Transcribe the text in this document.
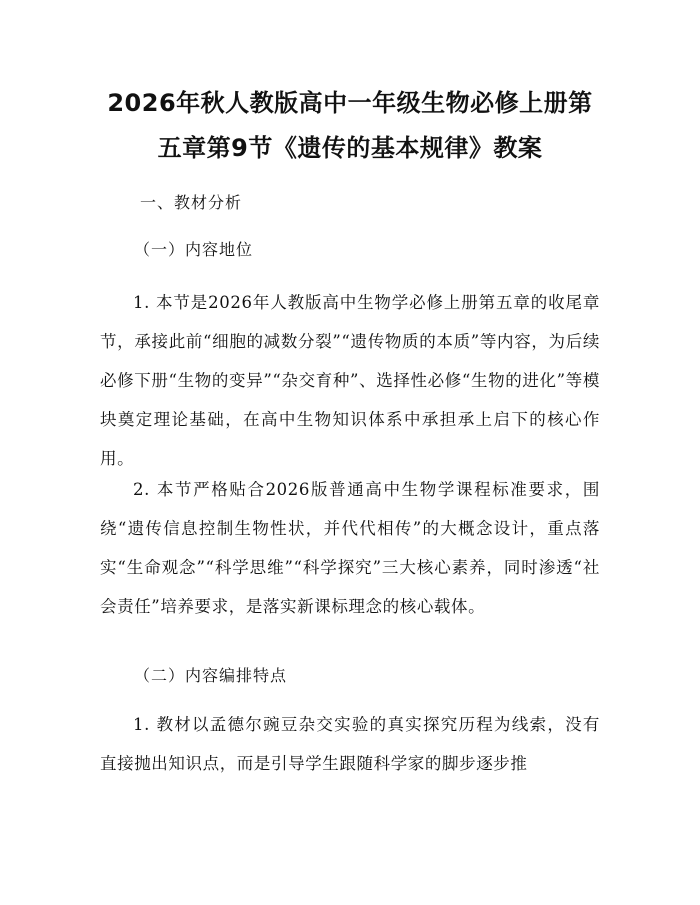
2026年秋人教版高中一年级生物必修上册第
五章第9节《遗传的基本规律》教案
一、教材分析
（一）内容地位
1. 本节是2026年人教版高中生物学必修上册第五章的收尾章节，承接此前“细胞的减数分裂”“遗传物质的本质”等内容，为后续必修下册“生物的变异”“杂交育种”、选择性必修“生物的进化”等模块奠定理论基础，在高中生物知识体系中承担承上启下的核心作用。
2. 本节严格贴合2026版普通高中生物学课程标准要求，围绕“遗传信息控制生物性状，并代代相传”的大概念设计，重点落实“生命观念”“科学思维”“科学探究”三大核心素养，同时渗透“社会责任”培养要求，是落实新课标理念的核心载体。
（二）内容编排特点
1. 教材以孟德尔豌豆杂交实验的真实探究历程为线索，没有直接抛出知识点，而是引导学生跟随科学家的脚步逐步推
